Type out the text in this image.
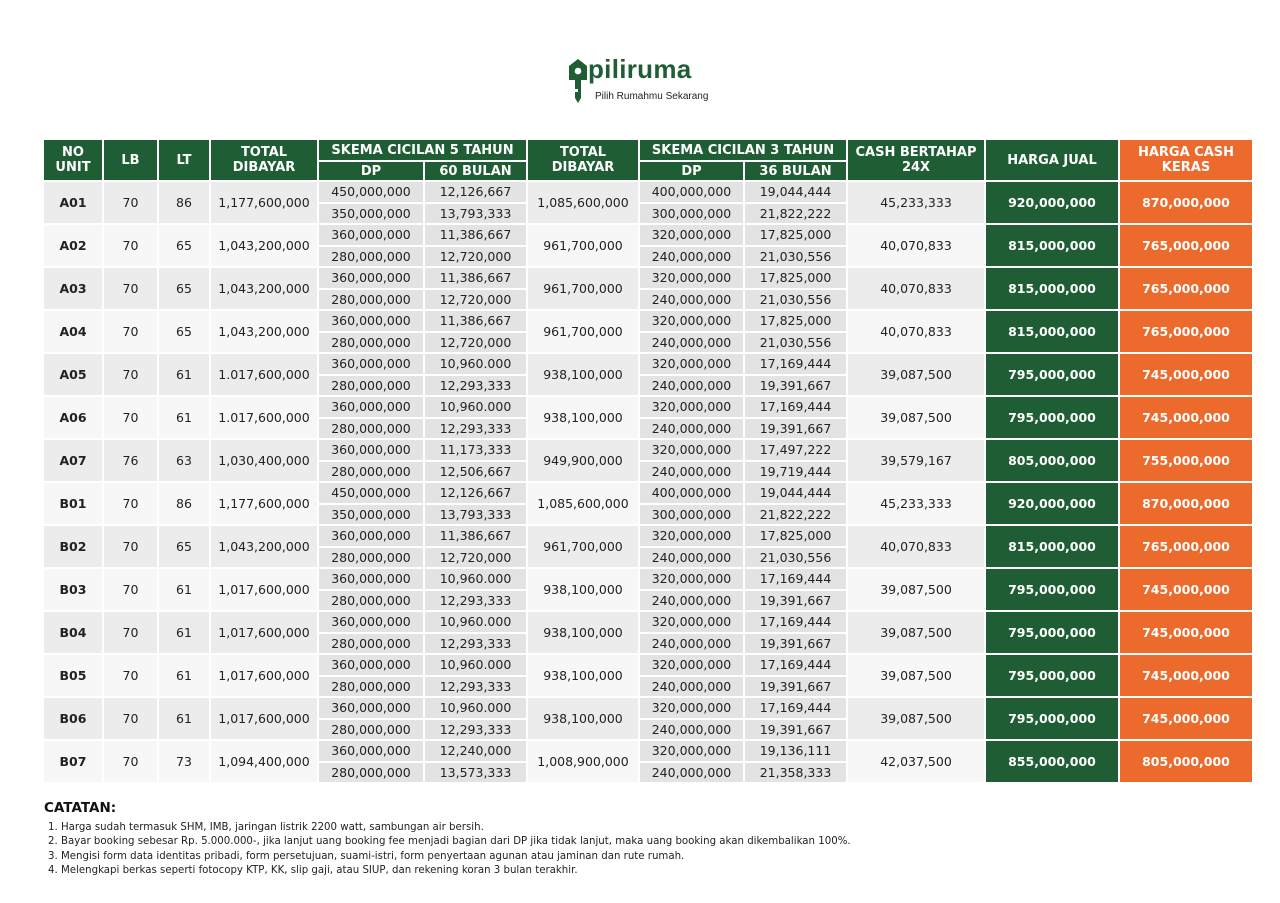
piliruma
Pilih Rumahmu Sekarang
NO UNIT	LB	LT	TOTAL DIBAYAR	SKEMA CICILAN 5 TAHUN		TOTAL DIBAYAR	SKEMA CICILAN 3 TAHUN		CASH BERTAHAP 24X	HARGA JUAL	HARGA CASH KERAS
				DP	60 BULAN		DP	36 BULAN			
A01	70	86	1,177,600,000	450,000,000	12,126,667	1,085,600,000	400,000,000	19,044,444	45,233,333	920,000,000	870,000,000
				350,000,000	13,793,333		300,000,000	21,822,222			
A02	70	65	1,043,200,000	360,000,000	11,386,667	961,700,000	320,000,000	17,825,000	40,070,833	815,000,000	765,000,000
				280,000,000	12,720,000		240,000,000	21,030,556			
A03	70	65	1,043,200,000	360,000,000	11,386,667	961,700,000	320,000,000	17,825,000	40,070,833	815,000,000	765,000,000
				280,000,000	12,720,000		240,000,000	21,030,556			
A04	70	65	1,043,200,000	360,000,000	11,386,667	961,700,000	320,000,000	17,825,000	40,070,833	815,000,000	765,000,000
				280,000,000	12,720,000		240,000,000	21,030,556			
A05	70	61	1.017,600,000	360,000,000	10,960.000	938,100,000	320,000,000	17,169,444	39,087,500	795,000,000	745,000,000
				280,000,000	12,293,333		240,000,000	19,391,667			
A06	70	61	1.017,600,000	360,000,000	10,960.000	938,100,000	320,000,000	17,169,444	39,087,500	795,000,000	745,000,000
				280,000,000	12,293,333		240,000,000	19,391,667			
A07	76	63	1,030,400,000	360,000,000	11,173,333	949,900,000	320,000,000	17,497,222	39,579,167	805,000,000	755,000,000
				280,000,000	12,506,667		240,000,000	19,719,444			
B01	70	86	1,177,600,000	450,000,000	12,126,667	1,085,600,000	400,000,000	19,044,444	45,233,333	920,000,000	870,000,000
				350,000,000	13,793,333		300,000,000	21,822,222			
B02	70	65	1,043,200,000	360,000,000	11,386,667	961,700,000	320,000,000	17,825,000	40,070,833	815,000,000	765,000,000
				280,000,000	12,720,000		240,000,000	21,030,556			
B03	70	61	1,017,600,000	360,000,000	10,960.000	938,100,000	320,000,000	17,169,444	39,087,500	795,000,000	745,000,000
				280,000,000	12,293,333		240,000,000	19,391,667			
B04	70	61	1,017,600,000	360,000,000	10,960.000	938,100,000	320,000,000	17,169,444	39,087,500	795,000,000	745,000,000
				280,000,000	12,293,333		240,000,000	19,391,667			
B05	70	61	1,017,600,000	360,000,000	10,960.000	938,100,000	320,000,000	17,169,444	39,087,500	795,000,000	745,000,000
				280,000,000	12,293,333		240,000,000	19,391,667			
B06	70	61	1,017,600,000	360,000,000	10,960.000	938,100,000	320,000,000	17,169,444	39,087,500	795,000,000	745,000,000
				280,000,000	12,293,333		240,000,000	19,391,667			
B07	70	73	1,094,400,000	360,000,000	12,240,000	1,008,900,000	320,000,000	19,136,111	42,037,500	855,000,000	805,000,000
				280,000,000	13,573,333		240,000,000	21,358,333			
CATATAN:
1. Harga sudah termasuk SHM, IMB, jaringan listrik 2200 watt, sambungan air bersih.
2. Bayar booking sebesar Rp. 5.000.000-, jika lanjut uang booking fee menjadi bagian dari DP jika tidak lanjut, maka uang booking akan dikembalikan 100%.
3. Mengisi form data identitas pribadi, form persetujuan, suami-istri, form penyertaan agunan atau jaminan dan rute rumah.
4. Melengkapi berkas seperti fotocopy KTP, KK, slip gaji, atau SIUP, dan rekening koran 3 bulan terakhir.
